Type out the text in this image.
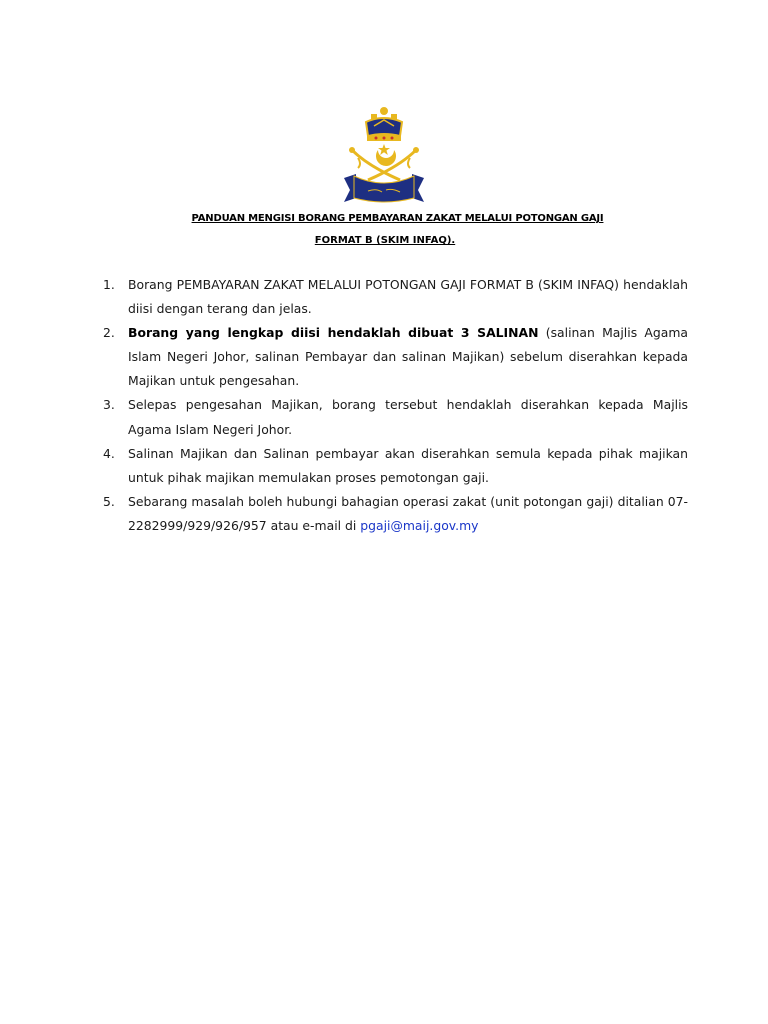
PANDUAN MENGISI BORANG PEMBAYARAN ZAKAT MELALUI POTONGAN GAJI
FORMAT B (SKIM INFAQ).
1. Borang PEMBAYARAN ZAKAT MELALUI POTONGAN GAJI FORMAT B (SKIM INFAQ) hendaklah diisi dengan terang dan jelas.
2. Borang yang lengkap diisi hendaklah dibuat 3 SALINAN (salinan Majlis Agama Islam Negeri Johor, salinan Pembayar dan salinan Majikan) sebelum diserahkan kepada Majikan untuk pengesahan.
3. Selepas pengesahan Majikan, borang tersebut hendaklah diserahkan kepada Majlis Agama Islam Negeri Johor.
4. Salinan Majikan dan Salinan pembayar akan diserahkan semula kepada pihak majikan untuk pihak majikan memulakan proses pemotongan gaji.
5. Sebarang masalah boleh hubungi bahagian operasi zakat (unit potongan gaji) ditalian 07-2282999/929/926/957 atau e-mail di pgaji@maij.gov.my
